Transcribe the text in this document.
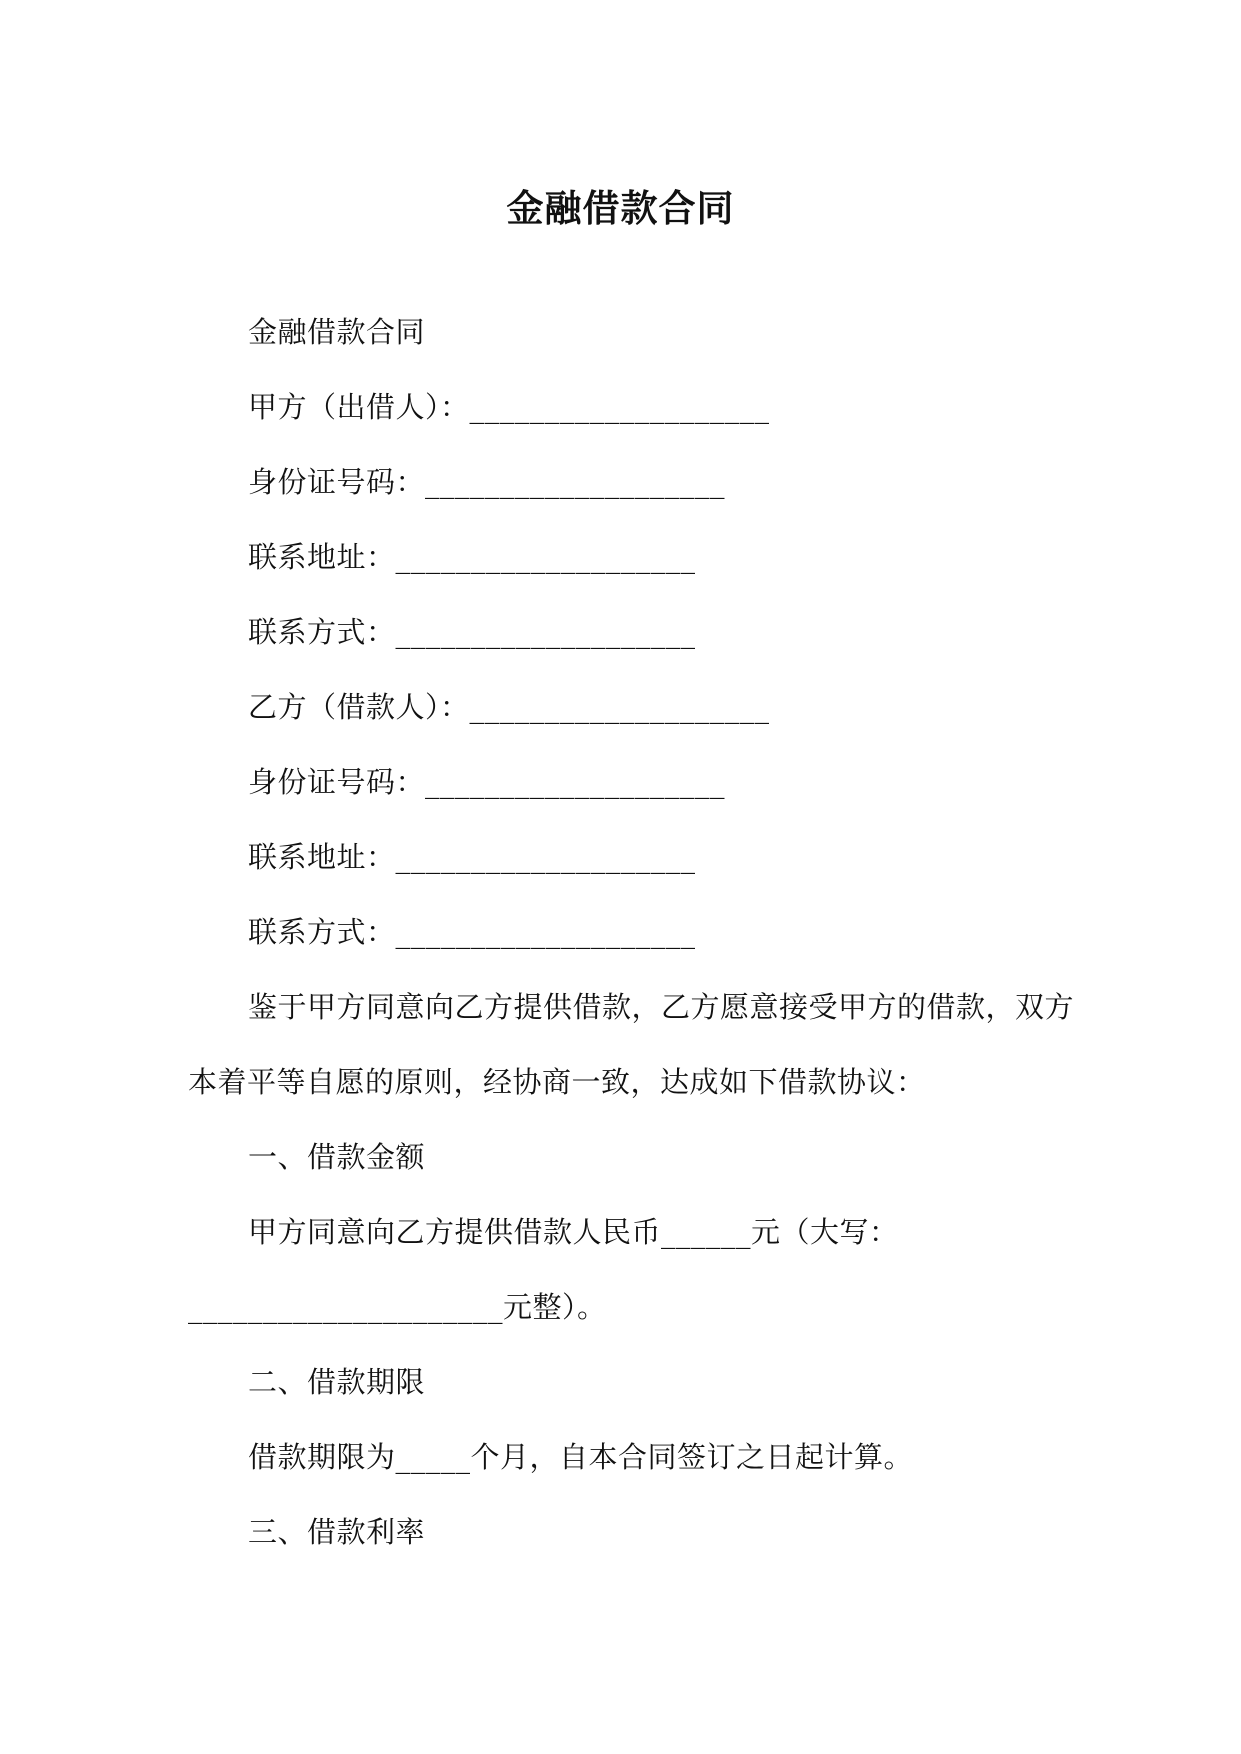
金融借款合同
金融借款合同
甲方（出借人）：____________________
身份证号码：____________________
联系地址：____________________
联系方式：____________________
乙方（借款人）：____________________
身份证号码：____________________
联系地址：____________________
联系方式：____________________
鉴于甲方同意向乙方提供借款，乙方愿意接受甲方的借款，双方
本着平等自愿的原则，经协商一致，达成如下借款协议：
一、借款金额
甲方同意向乙方提供借款人民币______元（大写：
_____________________元整）。
二、借款期限
借款期限为_____个月，自本合同签订之日起计算。
三、借款利率
